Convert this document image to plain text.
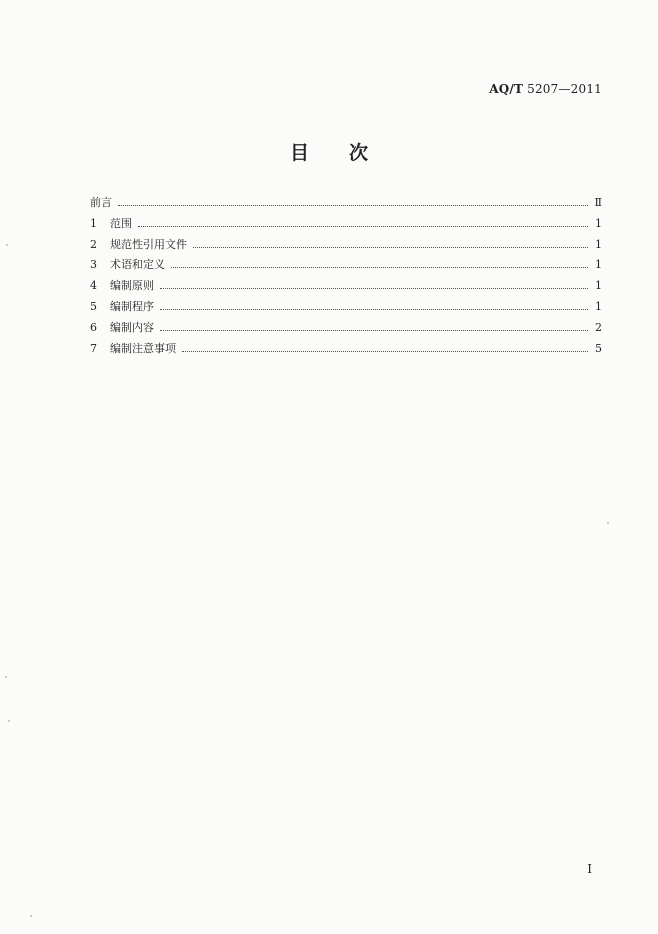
AQ/T 5207—2011
目 次
前言	Ⅱ
1	范围	1
2	规范性引用文件	1
3	术语和定义	1
4	编制原则	1
5	编制程序	1
6	编制内容	2
7	编制注意事项	5
I
